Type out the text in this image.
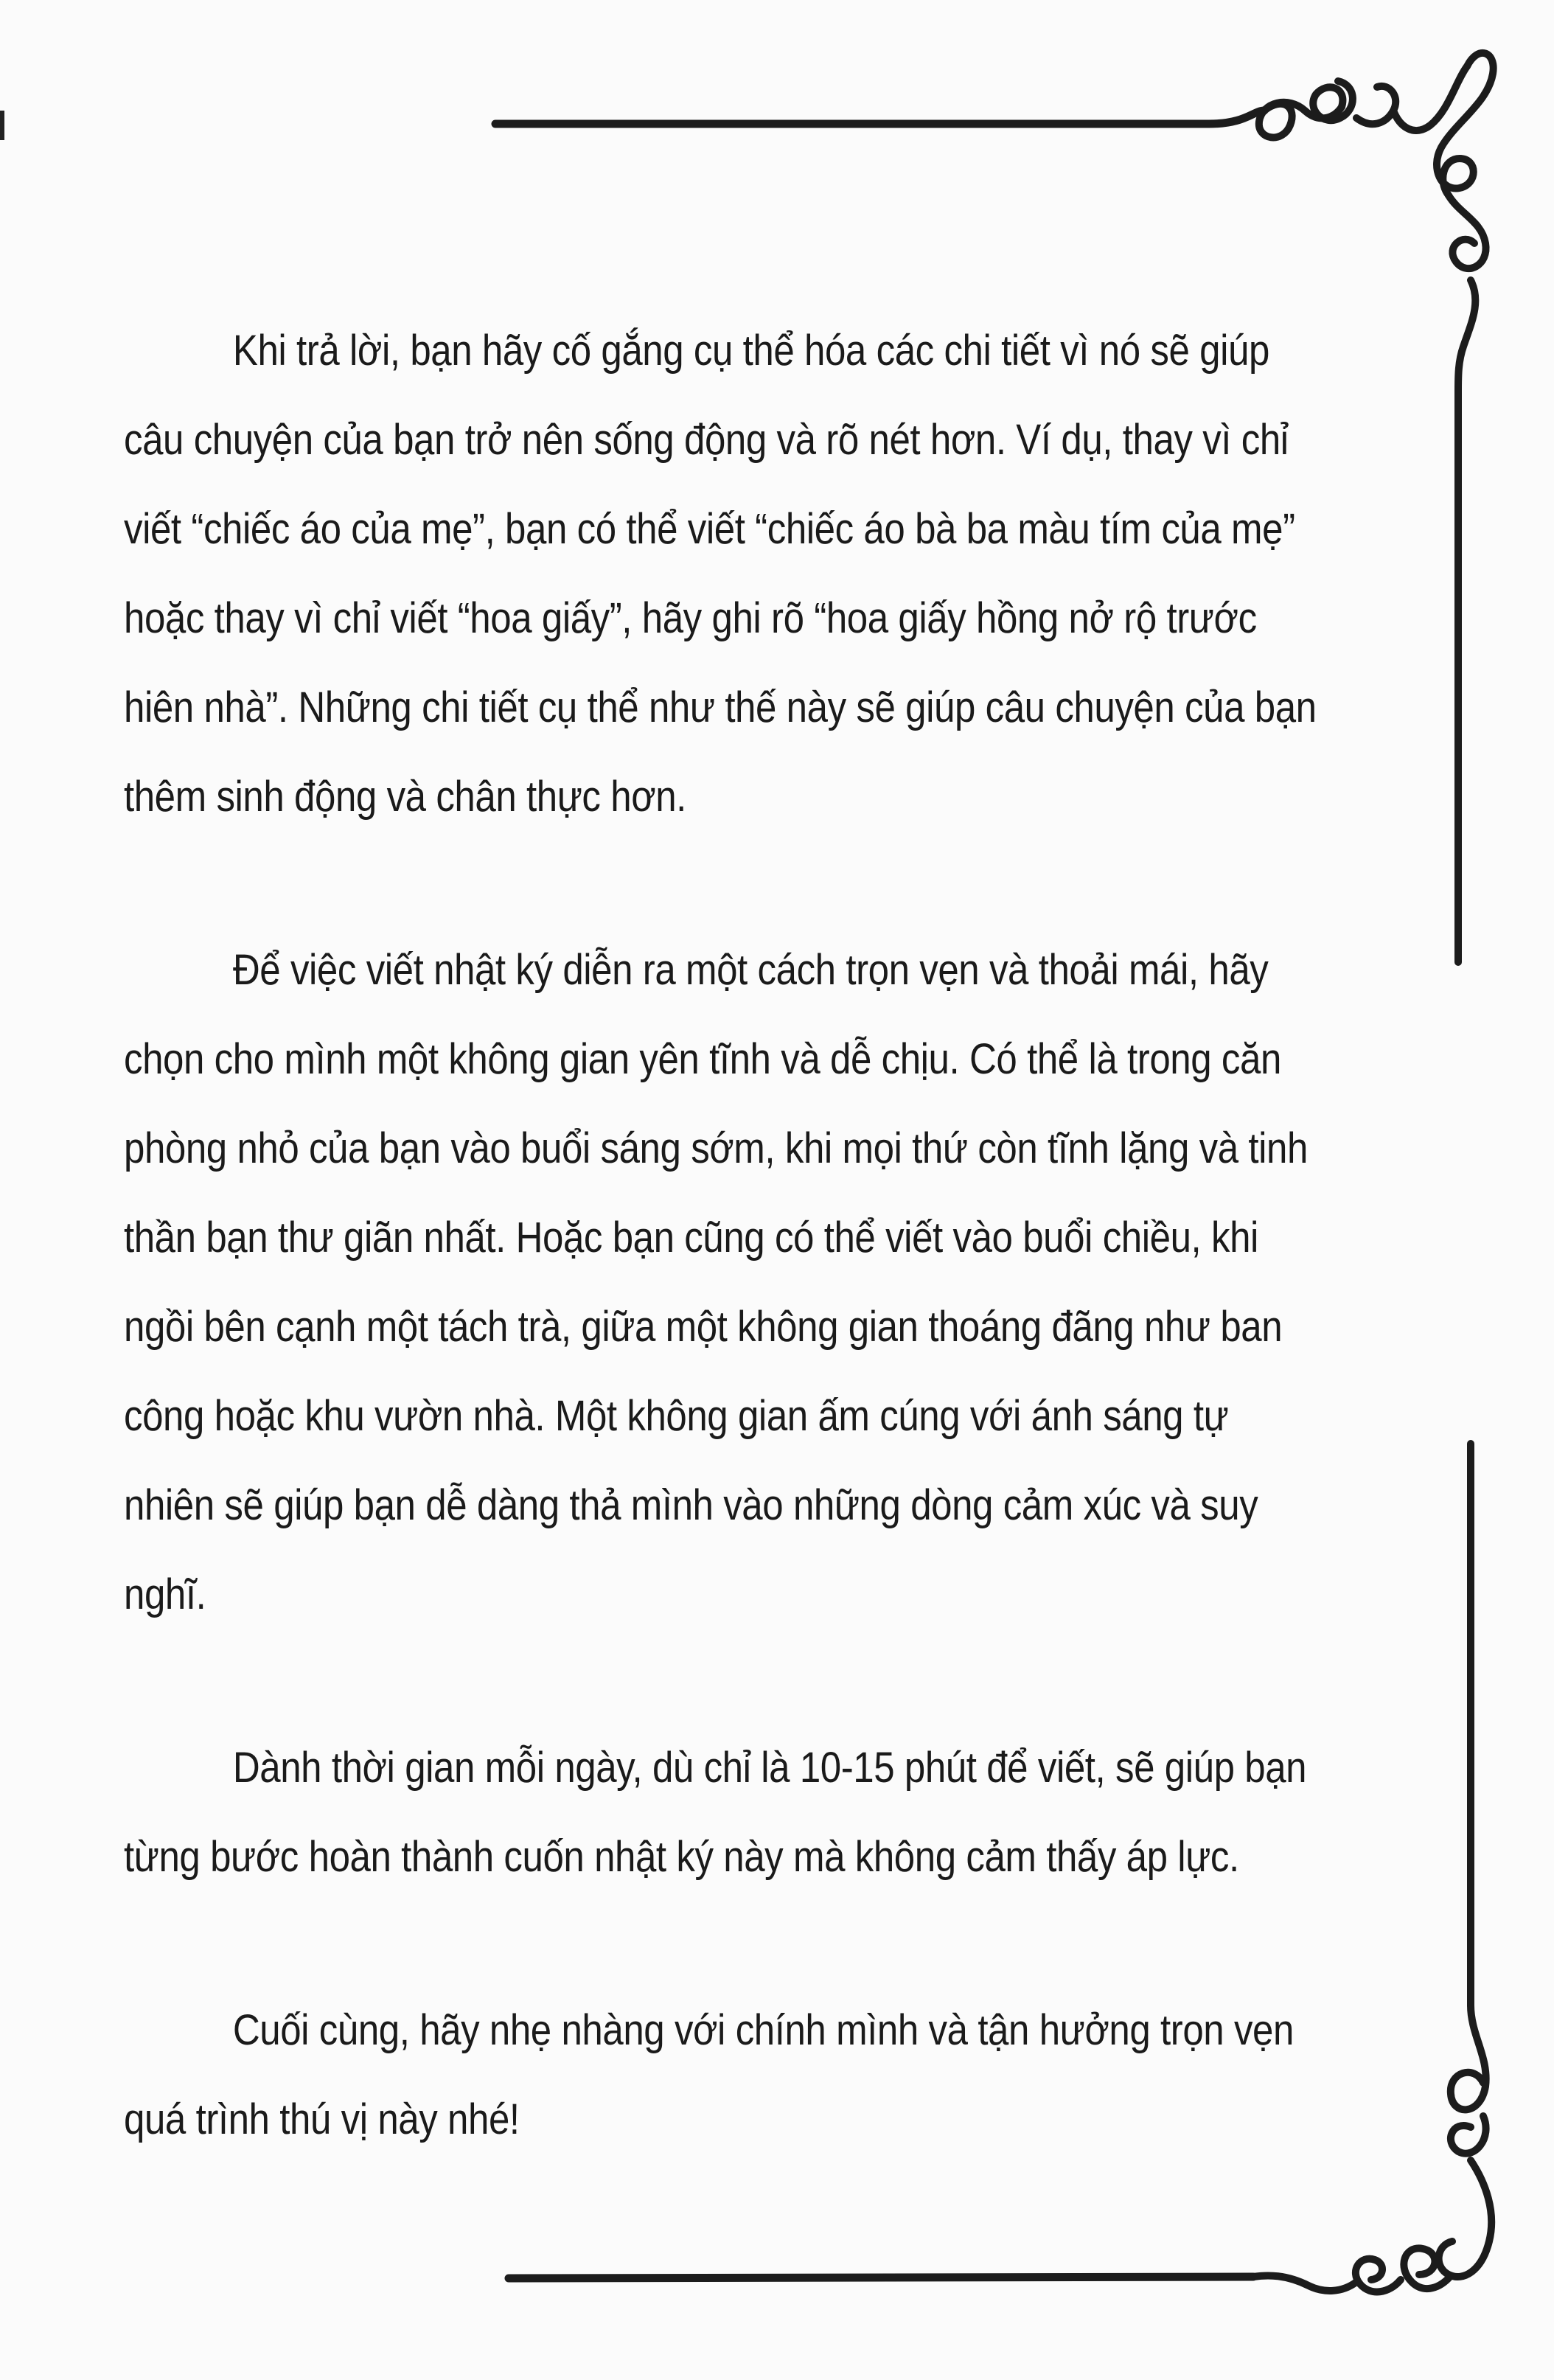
Khi trả lời, bạn hãy cố gắng cụ thể hóa các chi tiết vì nó sẽ giúp câu chuyện của bạn trở nên sống động và rõ nét hơn. Ví dụ, thay vì chỉ viết “chiếc áo của mẹ”, bạn có thể viết “chiếc áo bà ba màu tím của mẹ” hoặc thay vì chỉ viết “hoa giấy”, hãy ghi rõ “hoa giấy hồng nở rộ trước hiên nhà”. Những chi tiết cụ thể như thế này sẽ giúp câu chuyện của bạn thêm sinh động và chân thực hơn.

Để việc viết nhật ký diễn ra một cách trọn vẹn và thoải mái, hãy chọn cho mình một không gian yên tĩnh và dễ chịu. Có thể là trong căn phòng nhỏ của bạn vào buổi sáng sớm, khi mọi thứ còn tĩnh lặng và tinh thần bạn thư giãn nhất. Hoặc bạn cũng có thể viết vào buổi chiều, khi ngồi bên cạnh một tách trà, giữa một không gian thoáng đãng như ban công hoặc khu vườn nhà. Một không gian ấm cúng với ánh sáng tự nhiên sẽ giúp bạn dễ dàng thả mình vào những dòng cảm xúc và suy nghĩ.

Dành thời gian mỗi ngày, dù chỉ là 10-15 phút để viết, sẽ giúp bạn từng bước hoàn thành cuốn nhật ký này mà không cảm thấy áp lực.

Cuối cùng, hãy nhẹ nhàng với chính mình và tận hưởng trọn vẹn quá trình thú vị này nhé!
